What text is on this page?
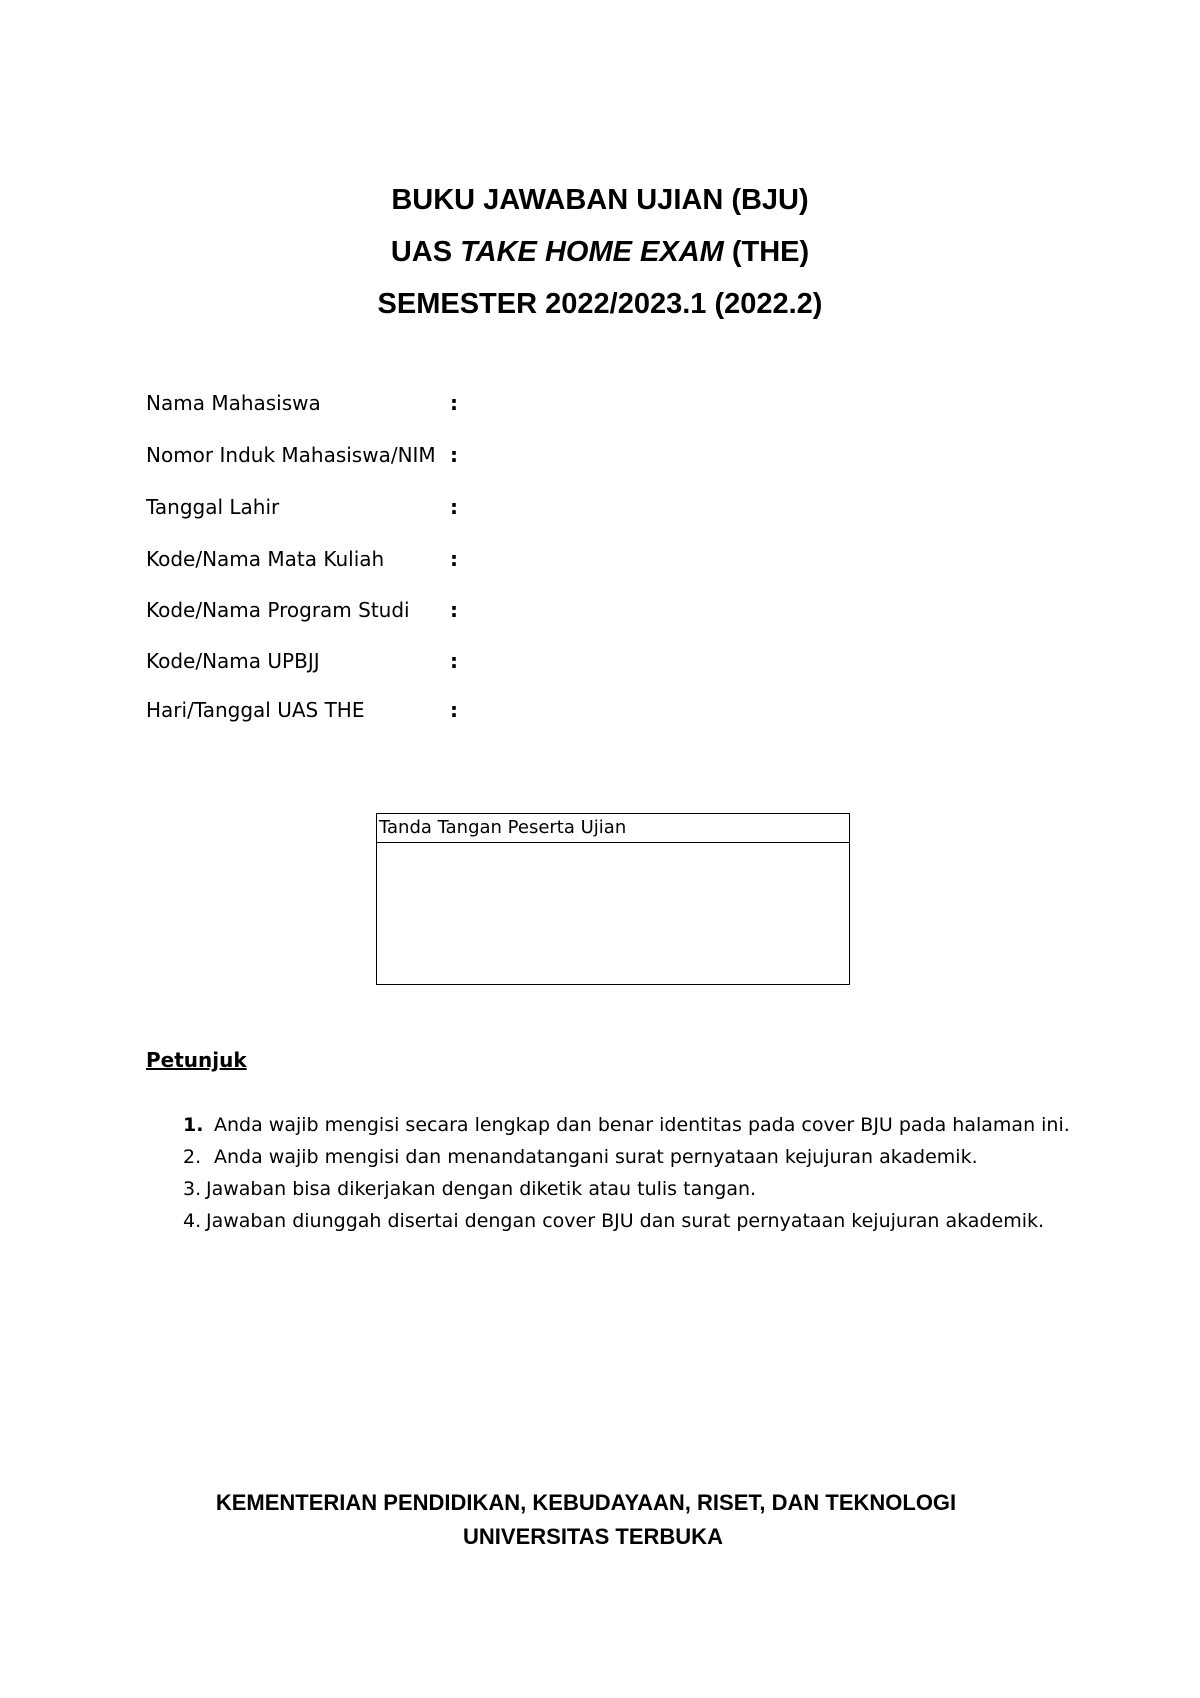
BUKU JAWABAN UJIAN (BJU)
UAS TAKE HOME EXAM (THE)
SEMESTER 2022/2023.1 (2022.2)
Nama Mahasiswa	:
Nomor Induk Mahasiswa/NIM :
Tanggal Lahir	:
Kode/Nama Mata Kuliah	:
Kode/Nama Program Studi :
Kode/Nama UPBJJ	:
Hari/Tanggal UAS THE	:
Tanda Tangan Peserta Ujian
Petunjuk
1. Anda wajib mengisi secara lengkap dan benar identitas pada cover BJU pada halaman ini.
2. Anda wajib mengisi dan menandatangani surat pernyataan kejujuran akademik.
3. Jawaban bisa dikerjakan dengan diketik atau tulis tangan.
4. Jawaban diunggah disertai dengan cover BJU dan surat pernyataan kejujuran akademik.
KEMENTERIAN PENDIDIKAN, KEBUDAYAAN, RISET, DAN TEKNOLOGI
UNIVERSITAS TERBUKA
